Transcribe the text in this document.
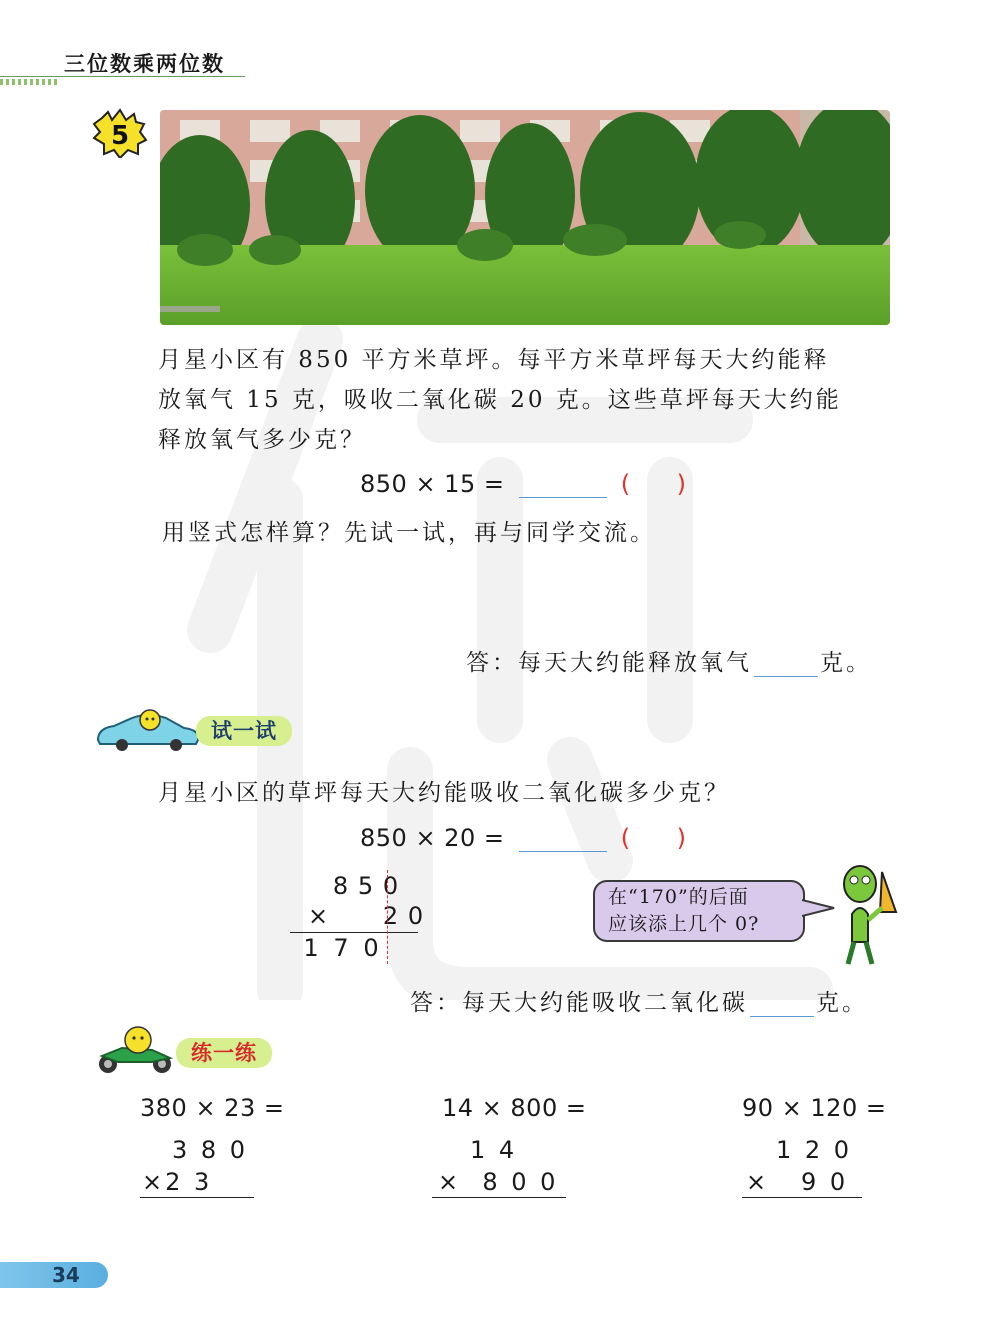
三位数乘两位数
5
月星小区有 850 平方米草坪。每平方米草坪每天大约能释
放氧气 15 克，吸收二氧化碳 20 克。这些草坪每天大约能
释放氧气多少克？
850 × 15 =	( )
用竖式怎样算？先试一试，再与同学交流。
答：每天大约能释放氧气	克。
试一试
月星小区的草坪每天大约能吸收二氧化碳多少克？
850 × 20 =	( )
8 5 0
× 2 0
1 7 0
在“170”的后面
应该添上几个 0?
答：每天大约能吸收二氧化碳	克。
练一练
380 × 23 =	14 × 800 =	90 × 120 =
3 8 0
×2 3
1 4
×  8 0 0
1 2 0
×   9 0
34
